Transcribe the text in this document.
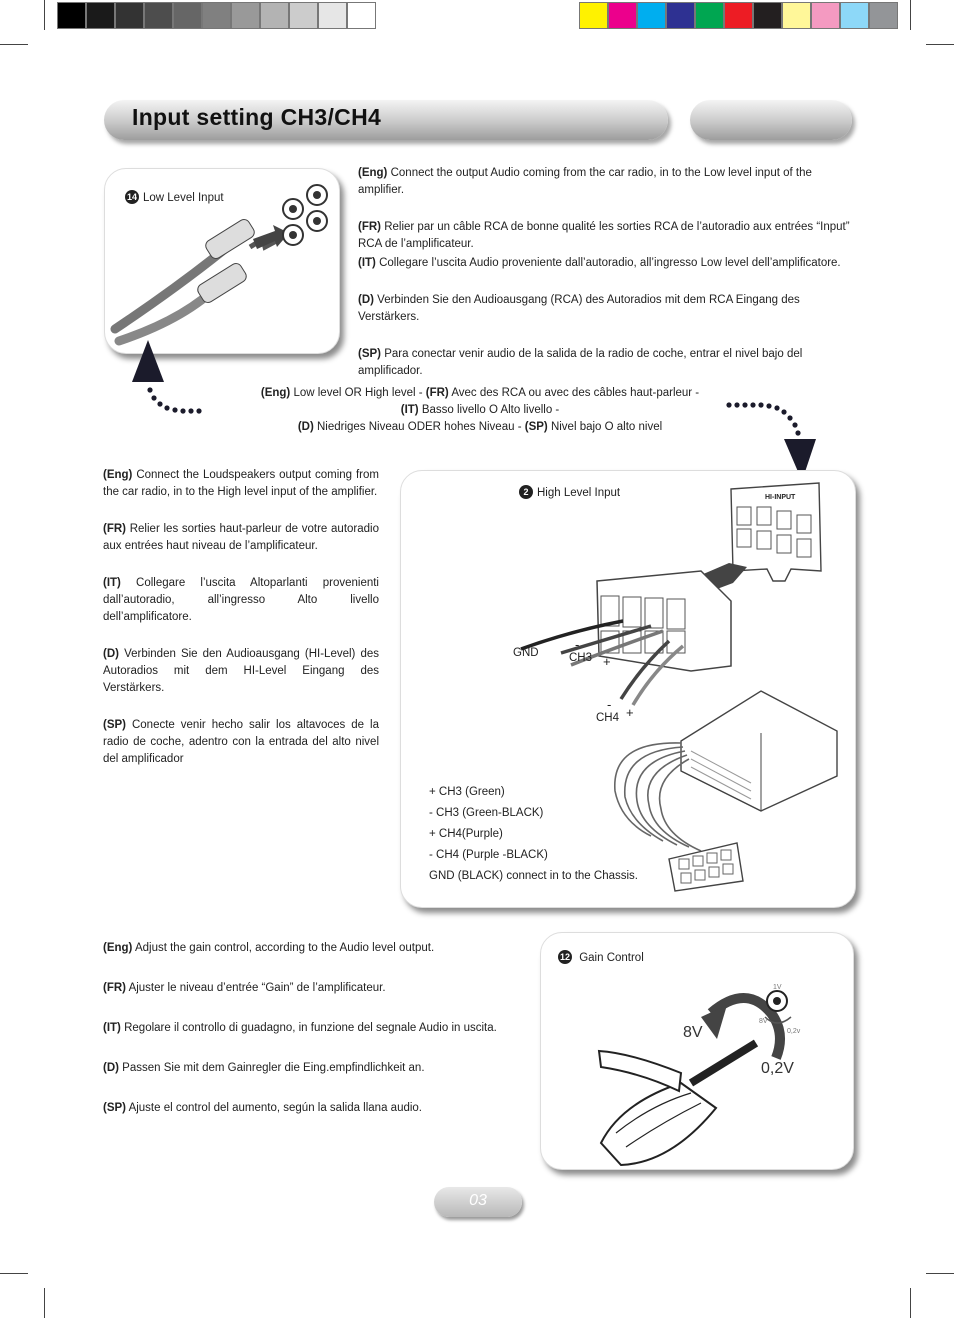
Input setting CH3/CH4
14 Low Level Input

(Eng) Connect the output Audio coming from the car radio, in to the Low level input of the amplifier.

(FR) Relier par un câble RCA de bonne qualité les sorties RCA de l’autoradio aux entrées “Input” RCA de l’amplificateur.

(IT) Collegare l’uscita Audio proveniente dall’autoradio, all’ingresso Low level dell’amplificatore.

(D) Verbinden Sie den Audioausgang (RCA) des Autoradios mit dem RCA Eingang des Verstärkers.

(SP) Para conectar venir audio de la salida de la radio de coche, entrar el nivel bajo del amplificador.

(Eng) Low level OR High level - (FR) Avec des RCA ou avec des câbles haut-parleur -
(IT) Basso livello O Alto livello -
(D) Niedriges Niveau ODER hohes Niveau - (SP) Nivel bajo O alto nivel

(Eng) Connect the Loudspeakers output coming from the car radio, in to the High level input of the amplifier.

(FR) Relier les sorties haut-parleur de votre autoradio aux entrées haut niveau de l’amplificateur.

(IT) Collegare l’uscita Altoparlanti provenienti dall’autoradio, all’ingresso Alto livello dell’amplificatore.

(D) Verbinden Sie den Audioausgang (HI-Level) des Autoradios mit dem HI-Level Eingang des Verstärkers.

(SP) Conecte venir hecho salir los altavoces de la radio de coche, adentro con la entrada del alto nivel del amplificador

2 High Level Input	HI-INPUT
GND	CH3 +
-
CH4
-
+
+ CH3 (Green)
- CH3 (Green-BLACK)
+ CH4(Purple)
- CH4 (Purple -BLACK)
GND (BLACK) connect in to the Chassis.

(Eng) Adjust the gain control, according to the Audio level output.

(FR) Ajuster le niveau d’entrée “Gain” de l’amplificateur.

(IT) Regolare il controllo di guadagno, in funzione del segnale Audio in uscita.

(D) Passen Sie mit dem Gainregler die Eing.empfindlichkeit an.

(SP) Ajuste el control del aumento, según la salida llana audio.

12 Gain Control
8V
0,2V
1V
8V
0,2v
03
